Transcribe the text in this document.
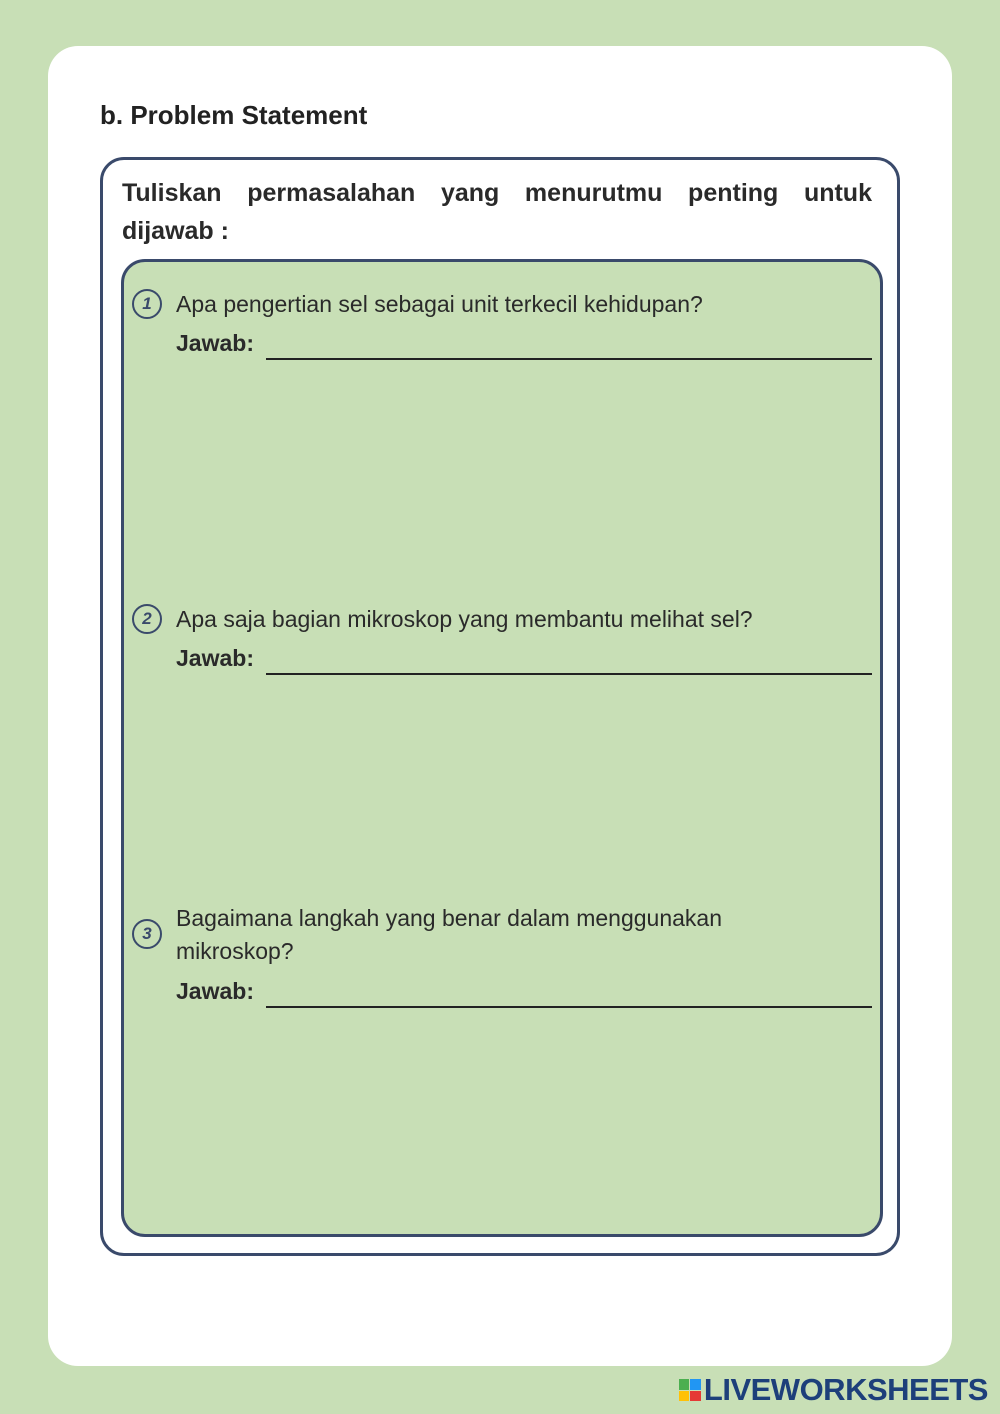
b. Problem Statement
Tuliskan permasalahan yang menurutmu penting untuk dijawab :
1	Apa pengertian sel sebagai unit terkecil kehidupan?
Jawab:
2	Apa saja bagian mikroskop yang membantu melihat sel?
Jawab:
3
Bagaimana langkah yang benar dalam menggunakan mikroskop?
Jawab:
LIVEWORKSHEETS
